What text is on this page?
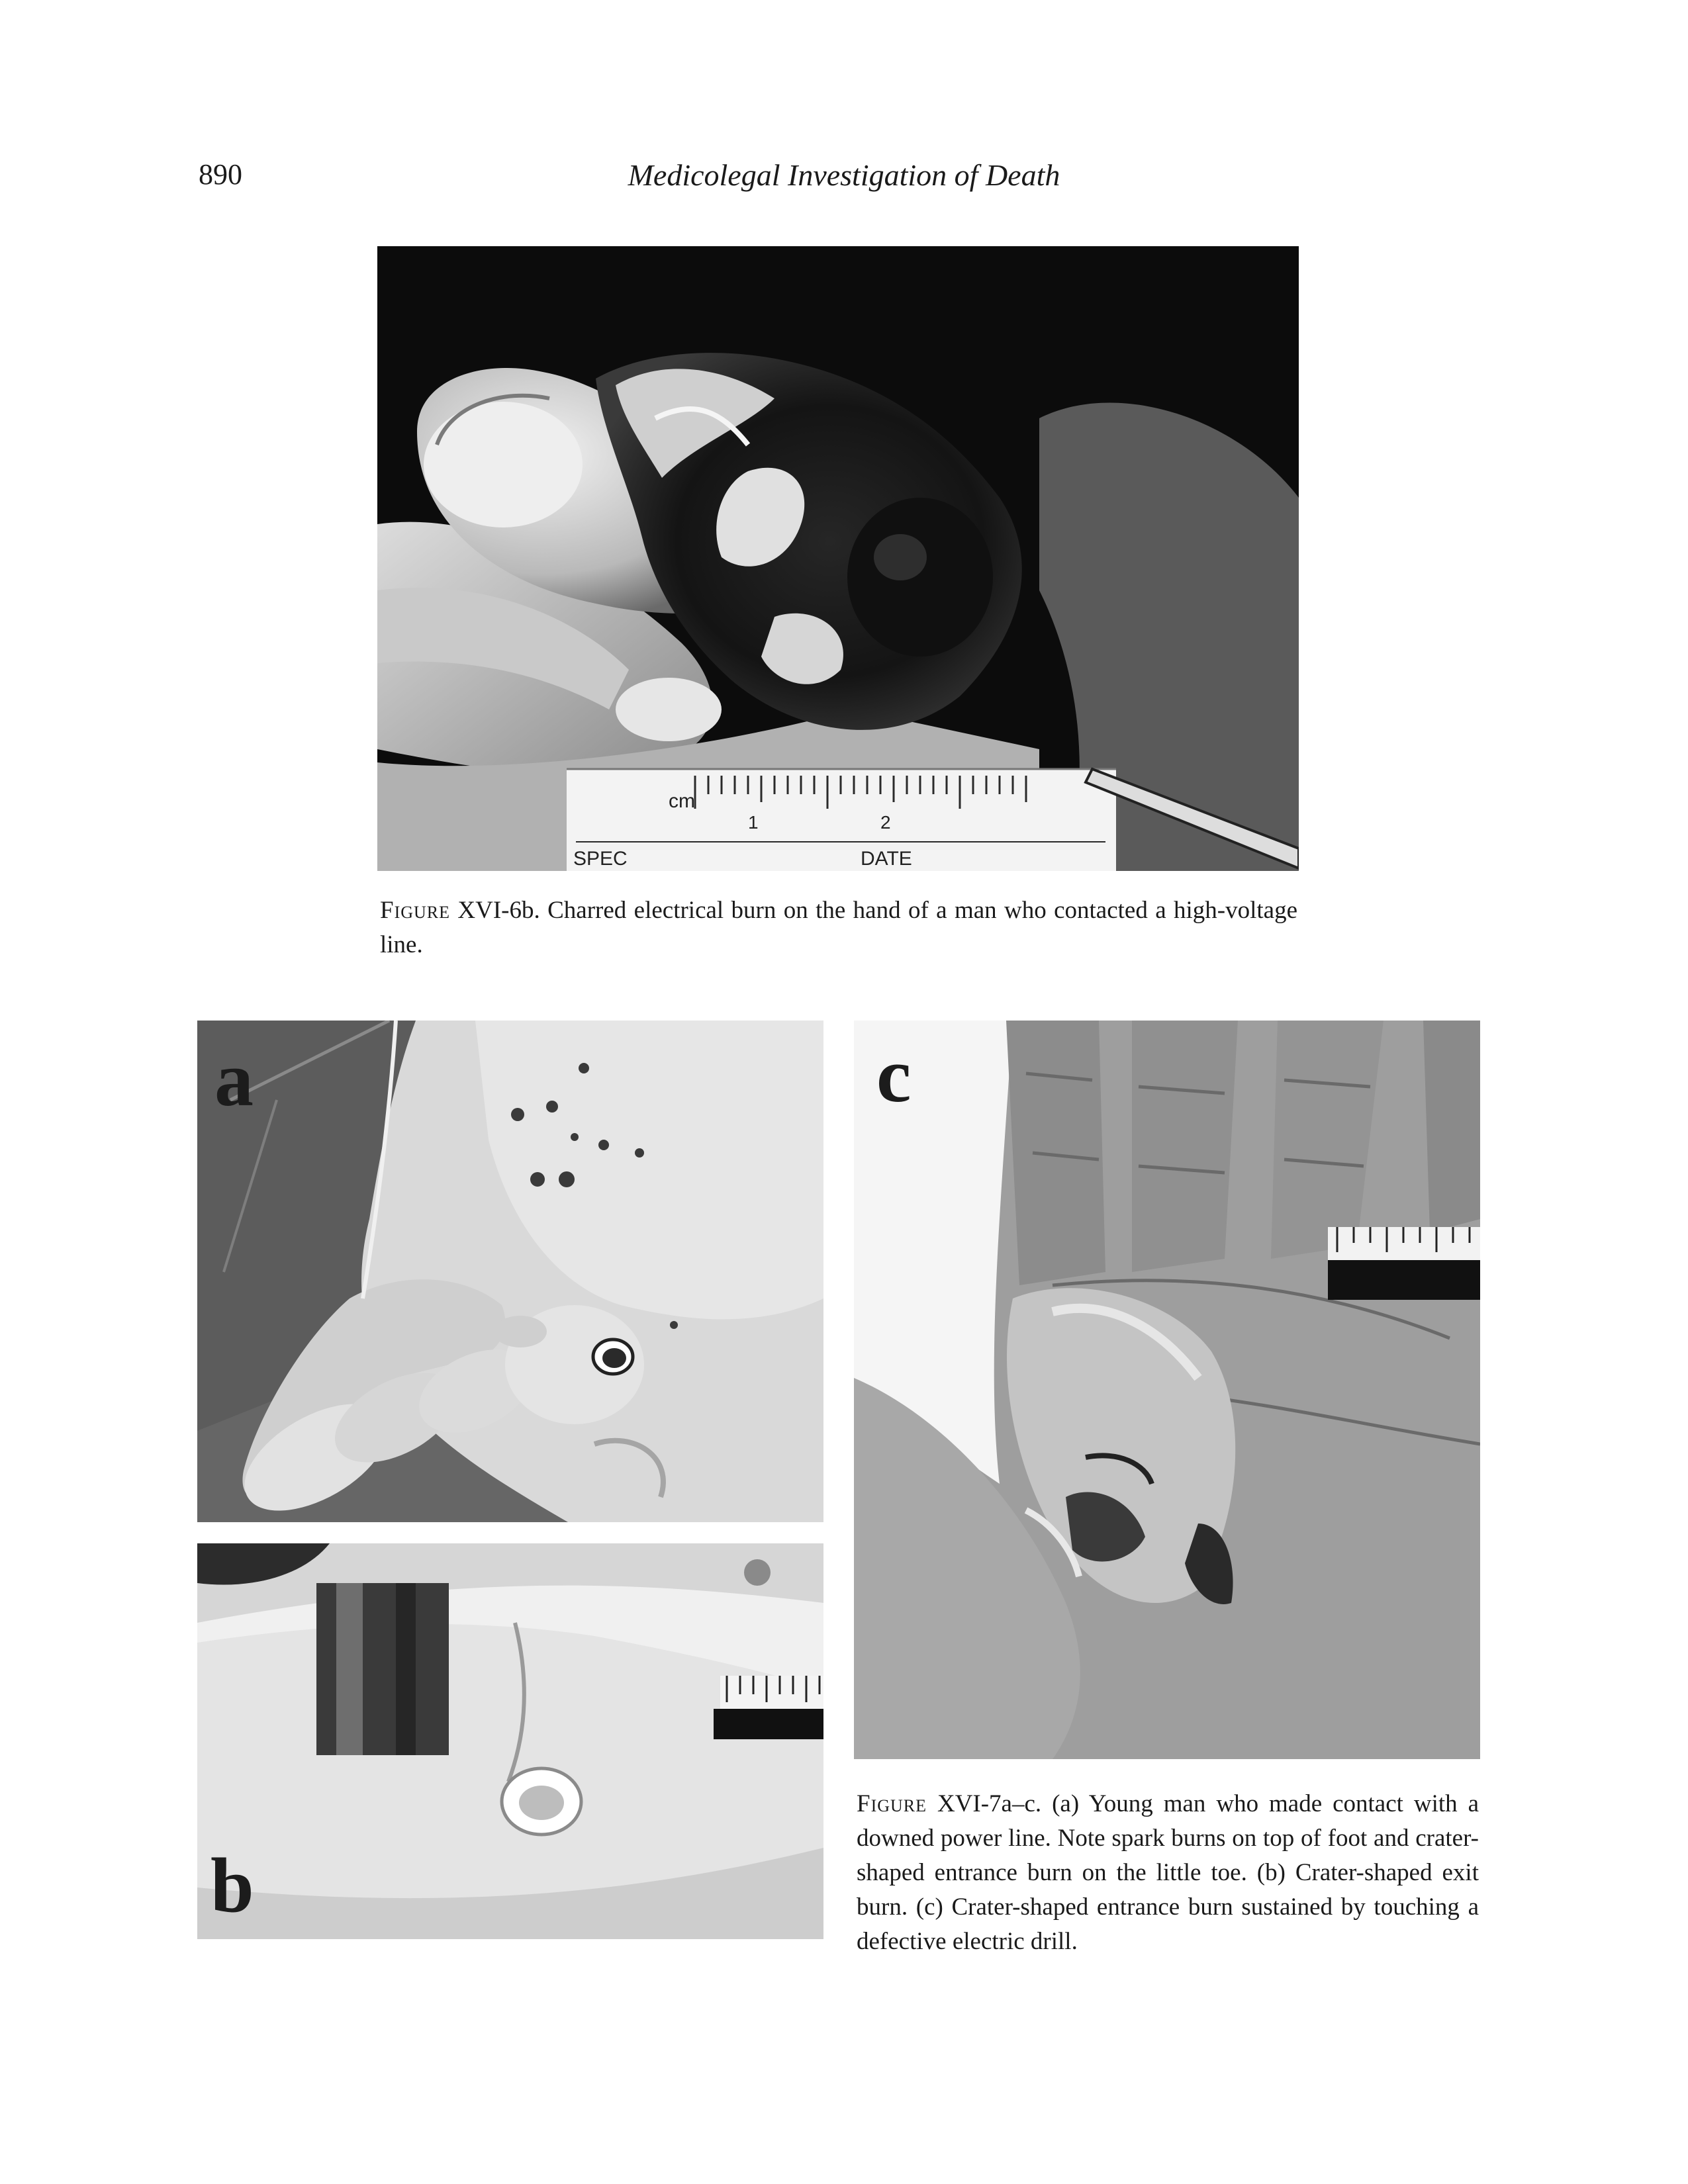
890	Medicolegal Investigation of Death
cm
1	2
SPEC	DATE
Figure XVI-6b. Charred electrical burn on the hand of a man who contacted a high-voltage line.
a
b
c
Figure XVI-7a–c. (a) Young man who made contact with a downed power line. Note spark burns on top of foot and crater-shaped entrance burn on the little toe. (b) Crater-shaped exit burn. (c) Crater-shaped entrance burn sustained by touching a defective electric drill.
